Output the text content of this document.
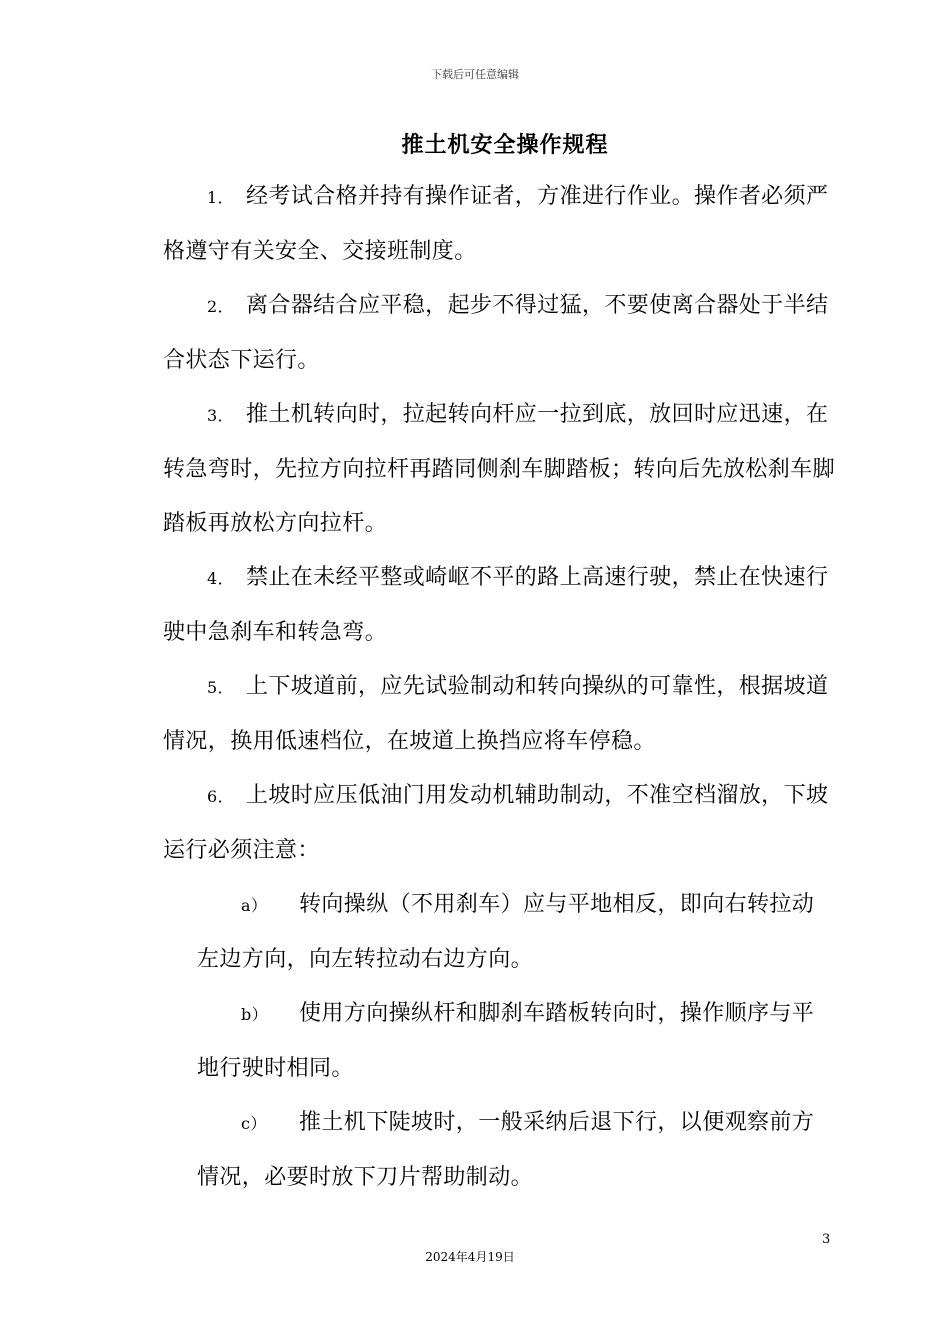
下载后可任意编辑
推土机安全操作规程

1． 经考试合格并持有操作证者，方准进行作业。操作者必须严格遵守有关安全、交接班制度。

2． 离合器结合应平稳，起步不得过猛，不要使离合器处于半结合状态下运行。

3． 推土机转向时，拉起转向杆应一拉到底，放回时应迅速，在转急弯时，先拉方向拉杆再踏同侧刹车脚踏板；转向后先放松刹车脚踏板再放松方向拉杆。

4． 禁止在未经平整或崎岖不平的路上高速行驶，禁止在快速行驶中急刹车和转急弯。

5． 上下坡道前，应先试验制动和转向操纵的可靠性，根据坡道情况，换用低速档位，在坡道上换挡应将车停稳。

6． 上坡时应压低油门用发动机辅助制动，不准空档溜放，下坡运行必须注意：

a） 转向操纵（不用刹车）应与平地相反，即向右转拉动左边方向，向左转拉动右边方向。

b） 使用方向操纵杆和脚刹车踏板转向时，操作顺序与平地行驶时相同。

c） 推土机下陡坡时，一般采纳后退下行，以便观察前方情况，必要时放下刀片帮助制动。

3
2024年4月19日
